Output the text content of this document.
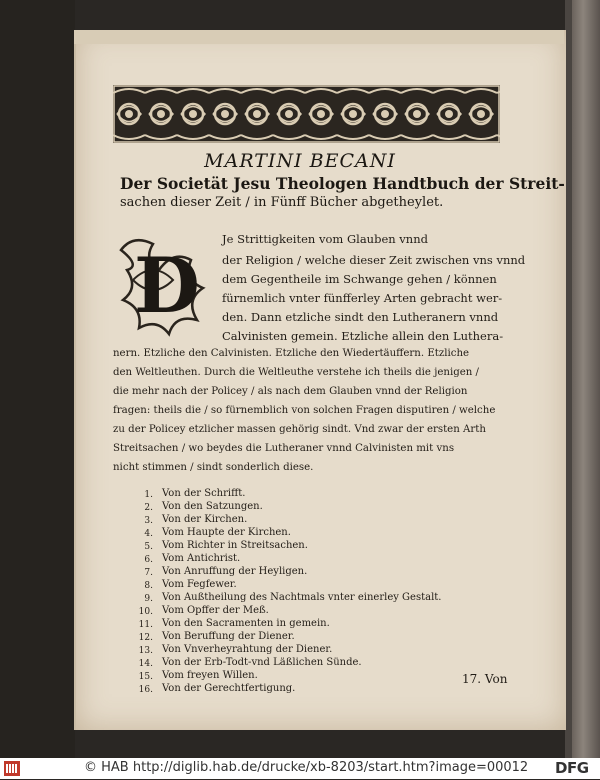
MARTINI BECANI
Der Societät Jesu Theologen Handtbuch der Streit-
sachen dieser Zeit / in Fünff Bücher abgetheylet.
D
Je Strittigkeiten vom Glauben vnnd
der Religion / welche dieser Zeit zwischen vns vnnd
dem Gegentheile im Schwange gehen / können
fürnemlich vnter fünfferley Arten gebracht wer-
den. Dann etzliche sindt den Lutheranern vnnd
Calvinisten gemein. Etzliche allein den Luthera-
nern. Etzliche den Calvinisten. Etzliche den Wiedertäuffern. Etzliche
den Weltleuthen. Durch die Weltleuthe verstehe ich theils die jenigen /
die mehr nach der Policey / als nach dem Glauben vnnd der Religion
fragen: theils die / so fürnemblich von solchen Fragen disputiren / welche
zu der Policey etzlicher massen gehörig sindt. Vnd zwar der ersten Arth
Streitsachen / wo beydes die Lutheraner vnnd Calvinisten mit vns
nicht stimmen / sindt sonderlich diese.
1. Von der Schrifft.
2. Von den Satzungen.
3. Von der Kirchen.
4. Vom Haupte der Kirchen.
5. Vom Richter in Streitsachen.
6. Vom Antichrist.
7. Von Anruffung der Heyligen.
8. Vom Fegfewer.
9. Von Außtheilung des Nachtmals vnter einerley Gestalt.
10. Vom Opffer der Meß.
11. Von den Sacramenten in gemein.
12. Von Beruffung der Diener.
13. Von Vnverheyrahtung der Diener.
14. Von der Erb-Todt-vnd Läßlichen Sünde.
15. Vom freyen Willen.
16. Von der Gerechtfertigung.
17. Von
© HAB http://diglib.hab.de/drucke/xb-8203/start.htm?image=00012 DFG
